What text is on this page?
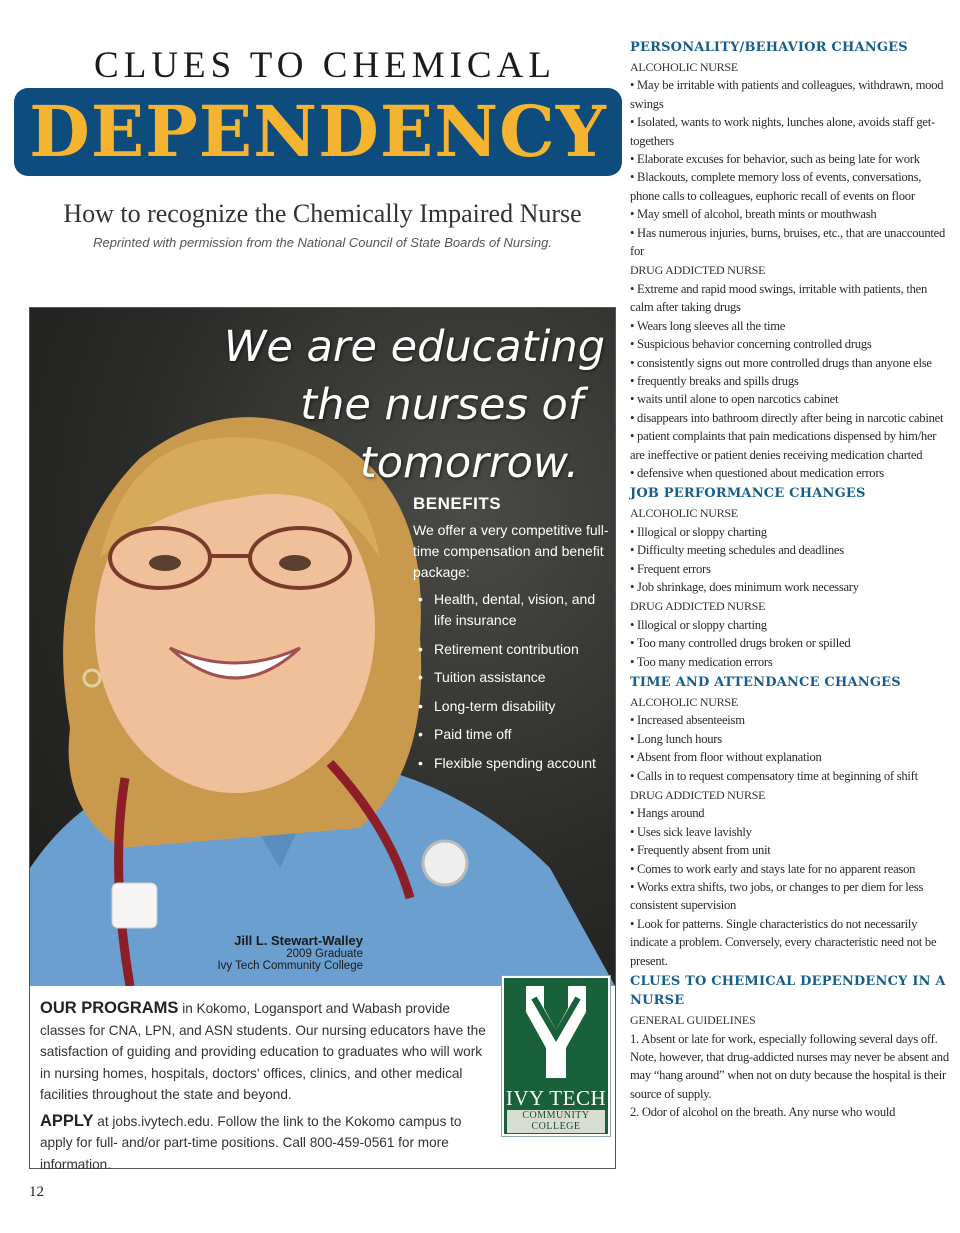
CLUES TO CHEMICAL
DEPENDENCY
How to recognize the Chemically Impaired Nurse
Reprinted with permission from the National Council of State Boards of Nursing.
We are educating
the nurses of
tomorrow.
BENEFITS
We offer a very competitive full-time compensation and benefit package:
• Health, dental, vision, and life insurance
• Retirement contribution
• Tuition assistance
• Long-term disability
• Paid time off
• Flexible spending account
Jill L. Stewart-Walley
2009 Graduate
Ivy Tech Community College

OUR PROGRAMS in Kokomo, Logansport and Wabash provide classes for CNA, LPN, and ASN students. Our nursing educators have the satisfaction of guiding and providing education to graduates who will work in nursing homes, hospitals, doctors' offices, clinics, and other medical facilities throughout the state and beyond.

APPLY at jobs.ivytech.edu. Follow the link to the Kokomo campus to apply for full- and/or part-time positions. Call 800-459-0561 for more information.

IVY TECH
COMMUNITY
COLLEGE
12
PERSONALITY/BEHAVIOR CHANGES
ALCOHOLIC NURSE
• May be irritable with patients and colleagues, withdrawn, mood swings
• Isolated, wants to work nights, lunches alone, avoids staff get-togethers
• Elaborate excuses for behavior, such as being late for work
• Blackouts, complete memory loss of events, conversations, phone calls to colleagues, euphoric recall of events on floor
• May smell of alcohol, breath mints or mouthwash
• Has numerous injuries, burns, bruises, etc., that are unaccounted for
DRUG ADDICTED NURSE
• Extreme and rapid mood swings, irritable with patients, then calm after taking drugs
• Wears long sleeves all the time
• Suspicious behavior concerning controlled drugs
• consistently signs out more controlled drugs than anyone else
• frequently breaks and spills drugs
• waits until alone to open narcotics cabinet
• disappears into bathroom directly after being in narcotic cabinet
• patient complaints that pain medications dispensed by him/her are ineffective or patient denies receiving medication charted
• defensive when questioned about medication errors
JOB PERFORMANCE CHANGES
ALCOHOLIC NURSE
• Illogical or sloppy charting
• Difficulty meeting schedules and deadlines
• Frequent errors
• Job shrinkage, does minimum work necessary
DRUG ADDICTED NURSE
• Illogical or sloppy charting
• Too many controlled drugs broken or spilled
• Too many medication errors
TIME AND ATTENDANCE CHANGES
ALCOHOLIC NURSE
• Increased absenteeism
• Long lunch hours
• Absent from floor without explanation
• Calls in to request compensatory time at beginning of shift
DRUG ADDICTED NURSE
• Hangs around
• Uses sick leave lavishly
• Frequently absent from unit
• Comes to work early and stays late for no apparent reason
• Works extra shifts, two jobs, or changes to per diem for less consistent supervision
• Look for patterns. Single characteristics do not necessarily indicate a problem. Conversely, every characteristic need not be present.
CLUES TO CHEMICAL DEPENDENCY IN A NURSE
GENERAL GUIDELINES
1. Absent or late for work, especially following several days off. Note, however, that drug-addicted nurses may never be absent and may “hang around” when not on duty because the hospital is their source of supply.
2. Odor of alcohol on the breath. Any nurse who would
